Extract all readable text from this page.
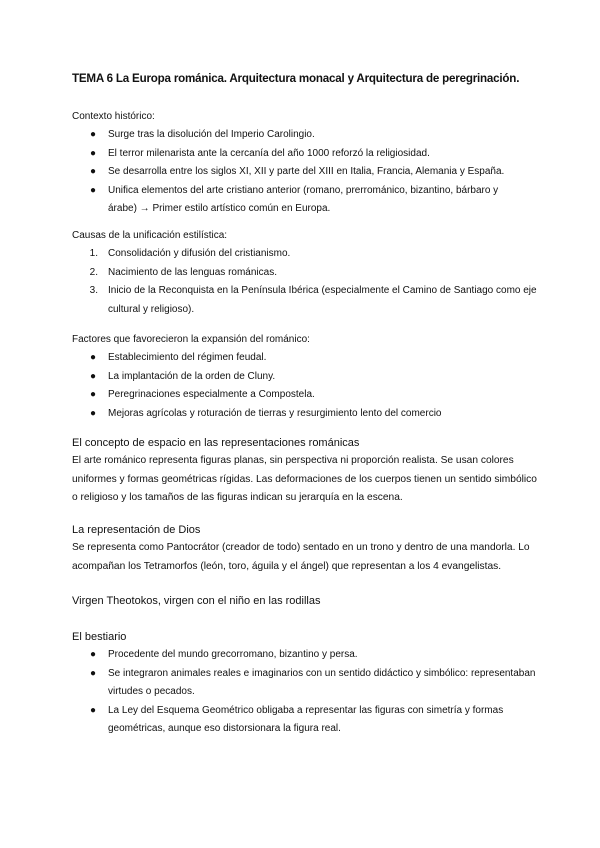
TEMA 6 La Europa románica. Arquitectura monacal y Arquitectura de peregrinación.

Contexto histórico:

●	Surge tras la disolución del Imperio Carolingio.
●	El terror milenarista ante la cercanía del año 1000 reforzó la religiosidad.
●	Se desarrolla entre los siglos XI, XII y parte del XIII en Italia, Francia, Alemania y España.
●	Unifica elementos del arte cristiano anterior (romano, prerrománico, bizantino, bárbaro y árabe) → Primer estilo artístico común en Europa.

Causas de la unificación estilística:

1. Consolidación y difusión del cristianismo.
2. Nacimiento de las lenguas románicas.
3. Inicio de la Reconquista en la Península Ibérica (especialmente el Camino de Santiago como eje cultural y religioso).

Factores que favorecieron la expansión del románico:

●	Establecimiento del régimen feudal.
●	La implantación de la orden de Cluny.
●	Peregrinaciones especialmente a Compostela.
●	Mejoras agrícolas y roturación de tierras y resurgimiento lento del comercio

El concepto de espacio en las representaciones románicas

El arte románico representa figuras planas, sin perspectiva ni proporción realista. Se usan colores uniformes y formas geométricas rígidas. Las deformaciones de los cuerpos tienen un sentido simbólico o religioso y los tamaños de las figuras indican su jerarquía en la escena.

La representación de Dios

Se representa como Pantocrátor (creador de todo) sentado en un trono y dentro de una mandorla. Lo acompañan los Tetramorfos (león, toro, águila y el ángel) que representan a los 4 evangelistas.

Virgen Theotokos, virgen con el niño en las rodillas

El bestiario

●	Procedente del mundo grecorromano, bizantino y persa.
●	Se integraron animales reales e imaginarios con un sentido didáctico y simbólico: representaban virtudes o pecados.
●	La Ley del Esquema Geométrico obligaba a representar las figuras con simetría y formas geométricas, aunque eso distorsionara la figura real.
